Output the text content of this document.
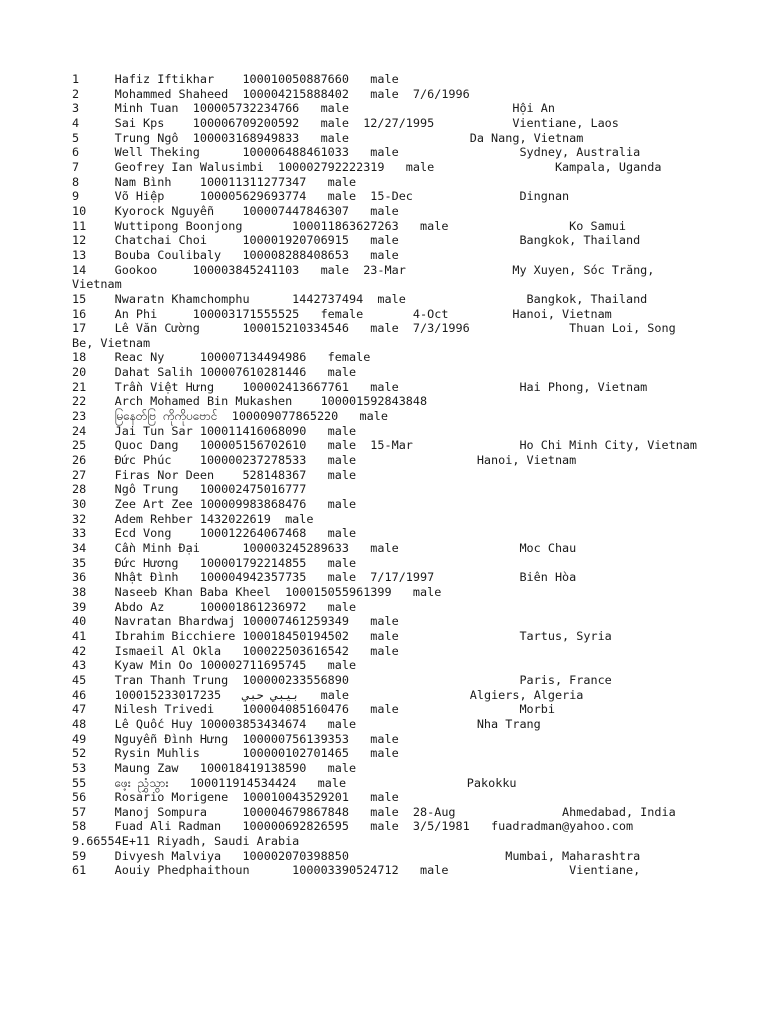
1     Hafiz Iftikhar    100010050887660   male
2     Mohammed Shaheed  100004215888402   male  7/6/1996
3     Minh Tuan  100005732234766   male                       Hội An
4     Sai Kps    100006709200592   male  12/27/1995           Vientiane, Laos
5     Trung Ngô  100003168949833   male                 Da Nang, Vietnam
6     Well Theking      100006488461033   male                 Sydney, Australia
7     Geofrey Ian Walusimbi  100002792222319   male                 Kampala, Uganda
8     Nam Bình    100011311277347   male
9     Võ Hiệp     100005629693774   male  15-Dec               Dingnan
10    Kyorock Nguyễn    100007447846307   male
11    Wuttipong Boonjong       100011863627263   male                 Ko Samui
12    Chatchai Choi     100001920706915   male                 Bangkok, Thailand
13    Bouba Coulibaly   100008288408653   male
14    Gookoo     100003845241103   male  23-Mar               My Xuyen, Sóc Trăng, Vietnam
15    Nwaratn Khamchomphu      1442737494  male                 Bangkok, Thailand
16    An Phi     100003171555525   female       4-Oct         Hanoi, Vietnam
17    Lê Văn Cường      100015210334546   male  7/3/1996              Thuan Loi, Song Be, Vietnam
18    Reac Ny     100007134494986   female
20    Dahat Salih 100007610281446   male
21    Trần Việt Hưng    100002413667761   male                 Hai Phong, Vietnam
22    Arch Mohamed Bin Mukashen    100001592843848
23    မြနေတ်ဗြ ကိုကိုပဗောင်  100009077865220   male
24    Jai Tun Sar 100011416068090   male
25    Quoc Dang   100005156702610   male  15-Mar               Ho Chi Minh City, Vietnam
26    Đức Phúc    100000237278533   male                 Hanoi, Vietnam
27    Firas Nor Deen    528148367   male
28    Ngô Trung   100002475016777
30    Zee Art Zee 100009983868476   male
32    Adem Rehber 1432022619  male
33    Ecd Vong    100012264067468   male
34    Cần Minh Đại      100003245289633   male                 Moc Chau
35    Đức Hương   100001792214855   male
36    Nhật Đình   100004942357735   male  7/17/1997            Biên Hòa
38    Naseeb Khan Baba Kheel  100015055961399   male
39    Abdo Az     100001861236972   male
40    Navratan Bhardwaj 100007461259349   male
41    Ibrahim Bicchiere 100018450194502   male                 Tartus, Syria
42    Ismaeil Al Okla   100022503616542   male
43    Kyaw Min Oo 100002711695745   male
45    Tran Thanh Trung  100000233556890                        Paris, France
46    بيبي حبي   100015233017235   male                 Algiers, Algeria
47    Nilesh Trivedi    100004085160476   male                 Morbi
48    Lê Quốc Huy 100003853434674   male                 Nha Trang
49    Nguyễn Đình Hưng  100000756139353   male
52    Rysin Muhlis      100000102701465   male
53    Maung Zaw   100018419138590   male
55    ဖေ့း ညွှံသွား   100011914534424   male                 Pakokku
56    Rosario Morigene  100010043529201   male
57    Manoj Sompura     100004679867848   male  28-Aug               Ahmedabad, India
58    Fuad Ali Radman   100000692826595   male  3/5/1981   fuadradman@yahoo.com 9.66554E+11 Riyadh, Saudi Arabia
59    Divyesh Malviya   100002070398850                      Mumbai, Maharashtra
61    Aouiy Phedphaithoun      100003390524712   male                 Vientiane,
